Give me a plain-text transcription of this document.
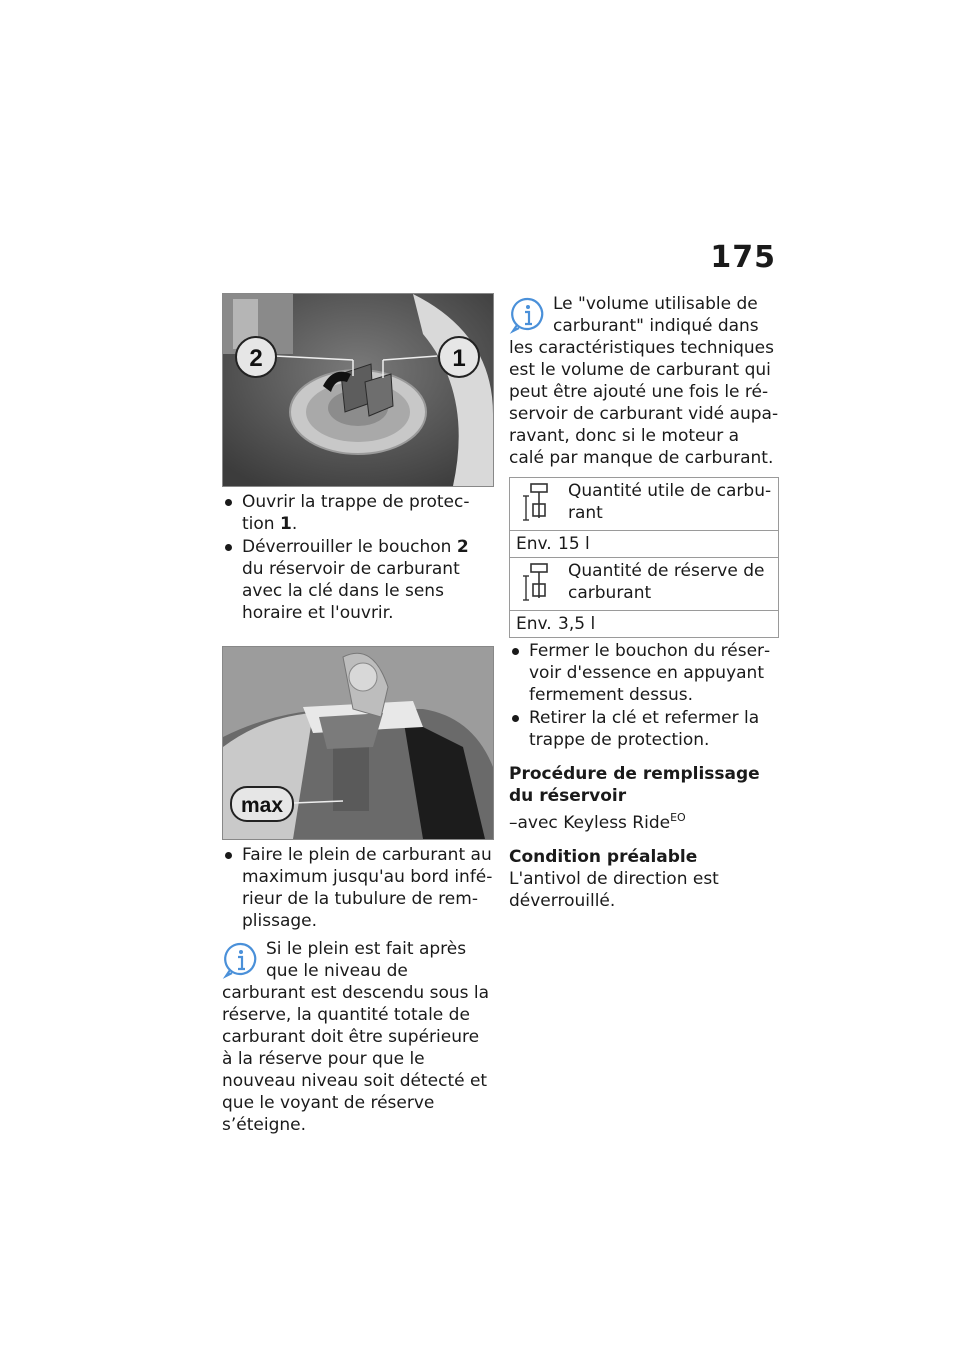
175
2	1
Ouvrir la trappe de protection 1.
Déverrouiller le bouchon 2 du réservoir de carburant avec la clé dans le sens horaire et l'ouvrir.
max
Faire le plein de carburant au maximum jusqu'au bord inférieur de la tubulure de remplissage.
Si le plein est fait après que le niveau de carburant est descendu sous la réserve, la quantité totale de carburant doit être supérieure à la réserve pour que le nouveau niveau soit détecté et que le voyant de réserve s’éteigne.
Le "volume utilisable de carburant" indiqué dans les caractéristiques techniques est le volume de carburant qui peut être ajouté une fois le réservoir de carburant vidé auparavant, donc si le moteur a calé par manque de carburant.
Quantité utile de carburant
Env. 15 l
Quantité de réserve de carburant
Env. 3,5 l
Fermer le bouchon du réservoir d'essence en appuyant fermement dessus.
Retirer la clé et refermer la trappe de protection.
Procédure de remplissage du réservoir
–avec Keyless Ride$^{EO}$
Condition préalable
L'antivol de direction est déverrouillé.
